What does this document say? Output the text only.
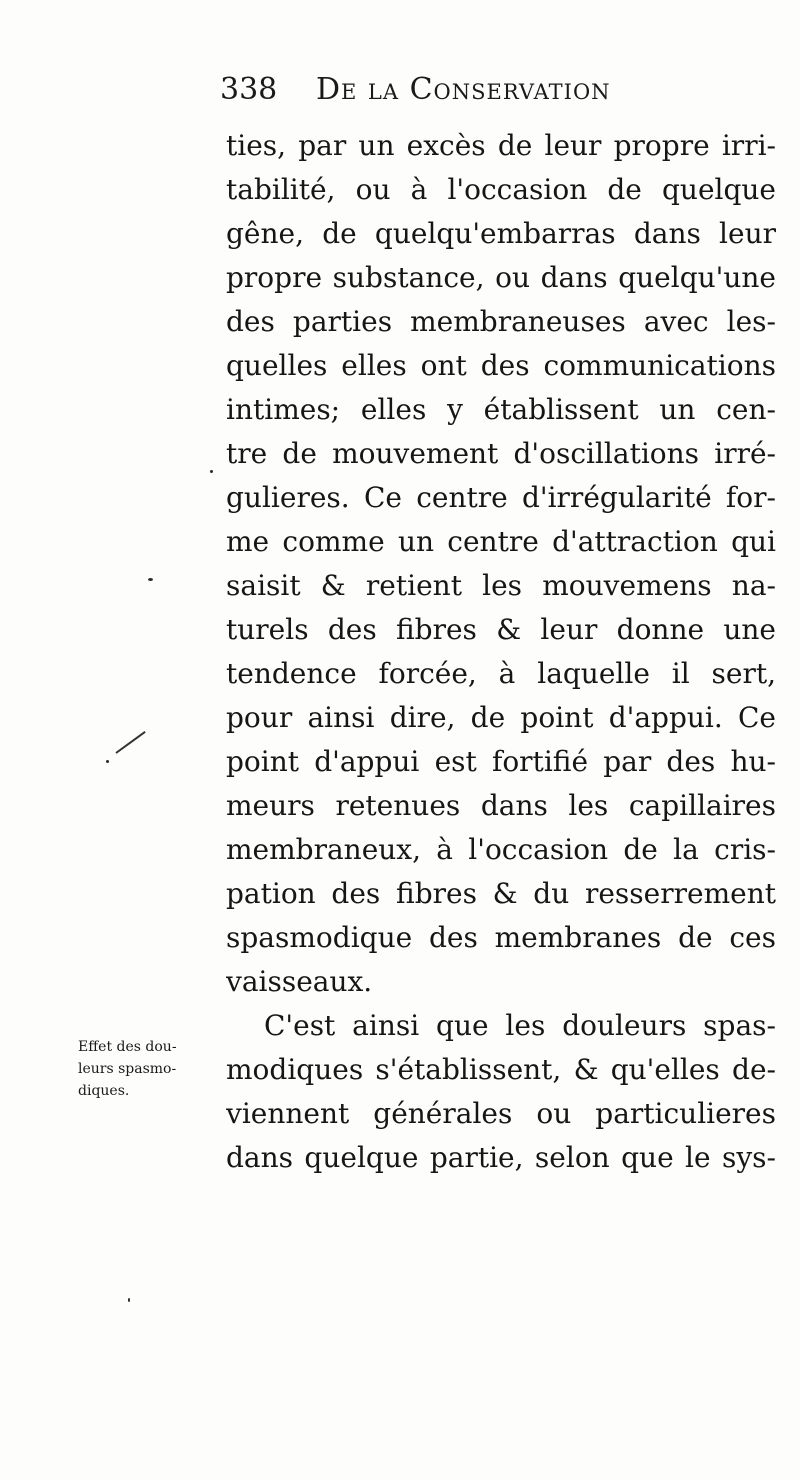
338 De la Conservation
ties, par un excès de leur propre irri-
tabilité, ou à l'occasion de quelque
gêne, de quelqu'embarras dans leur
propre substance, ou dans quelqu'une
des parties membraneuses avec les-
quelles elles ont des communications
intimes; elles y établissent un cen-
tre de mouvement d'oscillations irré-
gulieres. Ce centre d'irrégularité for-
me comme un centre d'attraction qui
saisit & retient les mouvemens na-
turels des fibres & leur donne une
tendence forcée, à laquelle il sert,
pour ainsi dire, de point d'appui. Ce
point d'appui est fortifié par des hu-
meurs retenues dans les capillaires
membraneux, à l'occasion de la cris-
pation des fibres & du resserrement
spasmodique des membranes de ces
vaisseaux.
C'est ainsi que les douleurs spas-
modiques s'établissent, & qu'elles de-
viennent générales ou particulieres
dans quelque partie, selon que le sys-
Effet des dou-
leurs spasmo-
diques.
